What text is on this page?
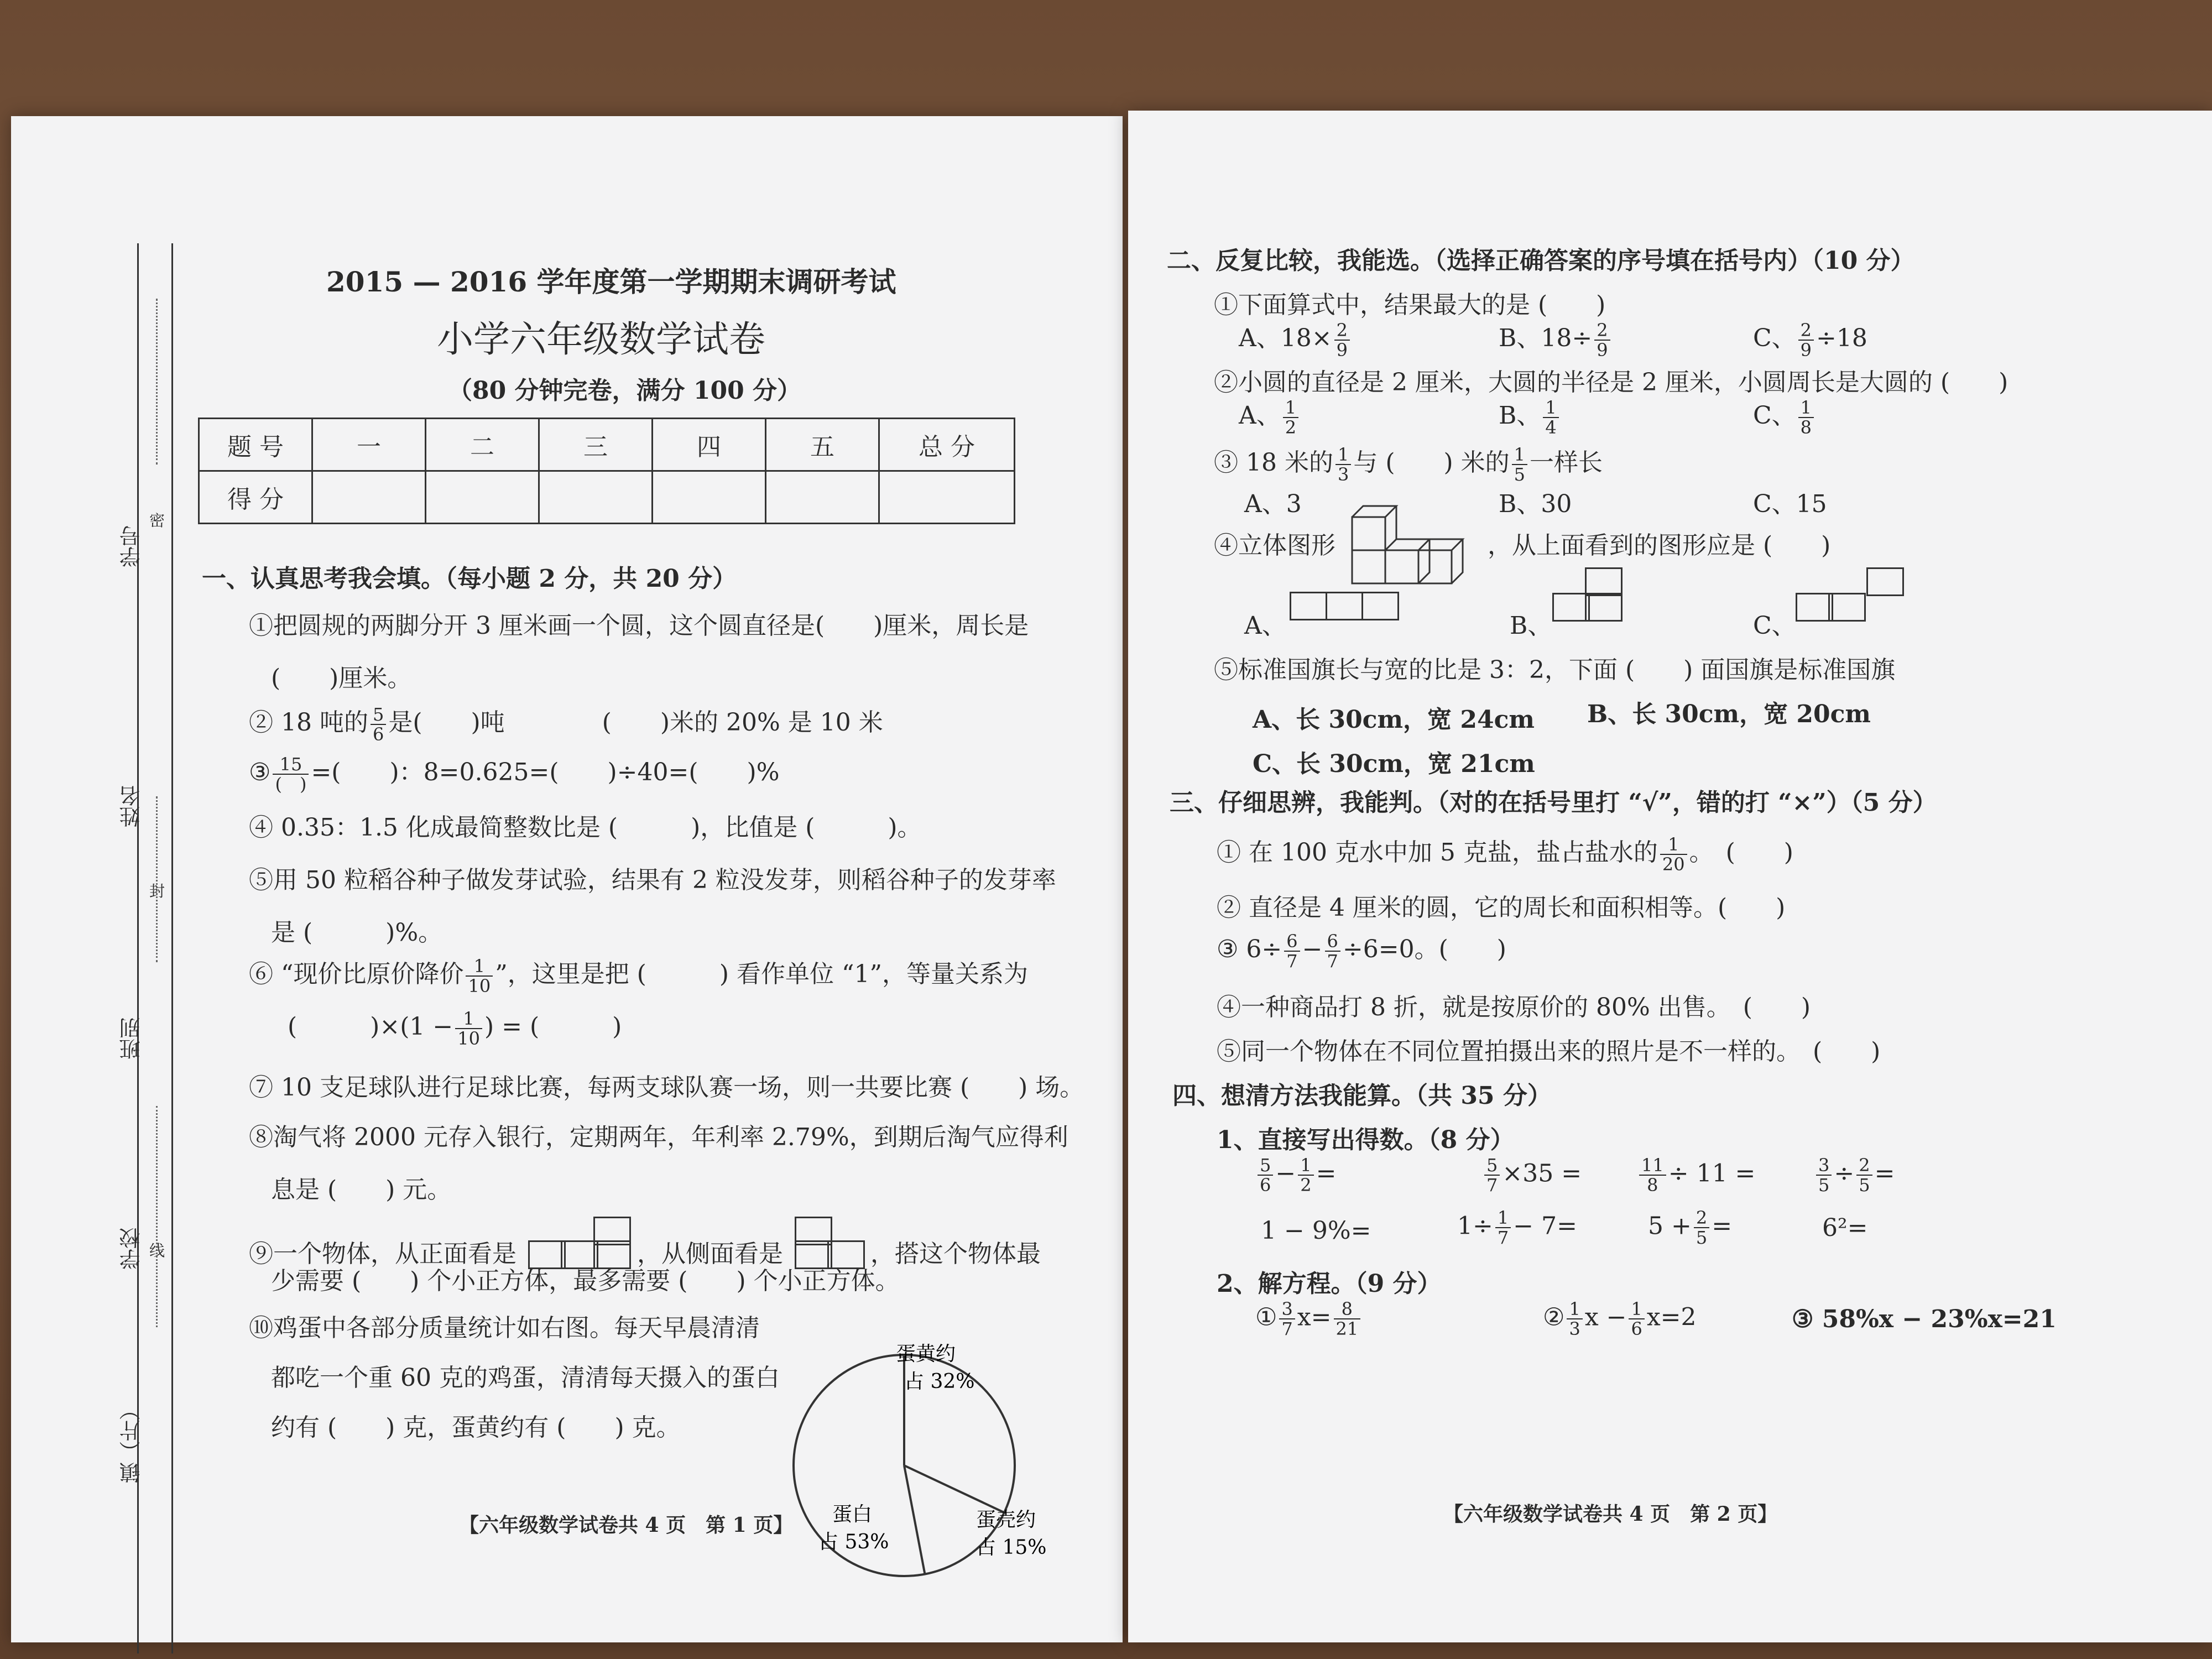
学号
姓名
班别
学校
镇（片）
密
封
线
2015 — 2016 学年度第一学期期末调研考试
小学六年级数学试卷
（80 分钟完卷，满分 100 分）
题 号	一	二	三	四	五	总 分
得 分						
一、认真思考我会填。（每小题 2 分，共 20 分）
①把圆规的两脚分开 3 厘米画一个圆，这个圆直径是(　　)厘米，周长是
(　　)厘米。
② 18 吨的 $\frac{5}{6}$ 是(　　)吨　　　　(　　)米的 20% 是 10 米
③ $\frac{15}{( )}$ =(　　)：8=0.625=(　　)÷40=(　　)%
④ 0.35：1.5 化成最简整数比是 (　　　)，比值是 (　　　)。
⑤用 50 粒稻谷种子做发芽试验，结果有 2 粒没发芽，则稻谷种子的发芽率
是 (　　　)%。
⑥ “现价比原价降价 $\frac{1}{10}$ ”，这里是把 (　　　) 看作单位 “1”，等量关系为
(　　　)$\times(1 - \frac{1}{10}$ ) = (　　　)
⑦ 10 支足球队进行足球比赛，每两支球队赛一场，则一共要比赛 (　　) 场。
⑧淘气将 2000 元存入银行，定期两年，年利率 2.79%，到期后淘气应得利
息是 (　　) 元。
⑨一个物体，从正面看是	，从侧面看是	，搭这个物体最
少需要 (　　) 个小正方体，最多需要 (　　) 个小正方体。
⑩鸡蛋中各部分质量统计如右图。每天早晨清清
都吃一个重 60 克的鸡蛋，清清每天摄入的蛋白
约有 (　　) 克，蛋黄约有 (　　) 克。
蛋黄约
占 32%
蛋白
占 53%
蛋壳约
占 15%
【六年级数学试卷共 4 页　第 1 页】
二、反复比较，我能选。（选择正确答案的序号填在括号内）（10 分）
①下面算式中，结果最大的是 (　　)
A、$18\times \frac{2}{9}$	B、$18\div \frac{2}{9}$	C、 $\frac{2}{9} \div 18$
②小圆的直径是 2 厘米，大圆的半径是 2 厘米，小圆周长是大圆的 (　　)
A、 $\frac{1}{2}$	B、 $\frac{1}{4}$	C、 $\frac{1}{8}$
③ 18 米的 $\frac{1}{3}$ 与 (　　) 米的 $\frac{1}{5}$ 一样长
A、3	B、30	C、15
④立体图形	，从上面看到的图形应是 (　　)
A、	B、	C、
⑤标准国旗长与宽的比是 3：2，下面 (　　) 面国旗是标准国旗
A、长 30cm，宽 24cm B、长 30cm，宽 20cm
C、长 30cm，宽 21cm
三、仔细思辨，我能判。（对的在括号里打 “√”，错的打 “×”）（5 分）
① 在 100 克水中加 5 克盐，盐占盐水的 $\frac{1}{20}$ 。　(　　)
② 直径是 4 厘米的圆，它的周长和面积相等。(　　)
③ $6\div \frac{6}{7} - \frac{6}{7} \div 6=0$。(　　)
④一种商品打 8 折，就是按原价的 80% 出售。　(　　)
⑤同一个物体在不同位置拍摄出来的照片是不一样的。　(　　)
四、想清方法我能算。（共 35 分）
1、直接写出得数。（8 分）
$\frac{5}{6} - \frac{1}{2}$ =	$\frac{5}{7} \times 35$ =	$\frac{11}{8} \div 11$ =	$\frac{3}{5} \div \frac{2}{5}$ =
1 − 9%=	$1\div \frac{1}{7} - 7=$	$5 + \frac{2}{5}$ =	6²=
2、解方程。（9 分）
① $\frac{3}{7} x= \frac{8}{21}$	② $\frac{1}{3}$ $x - \frac{1}{6} x=2$	③ 58%x − 23%x=21
【六年级数学试卷共 4 页　第 2 页】
